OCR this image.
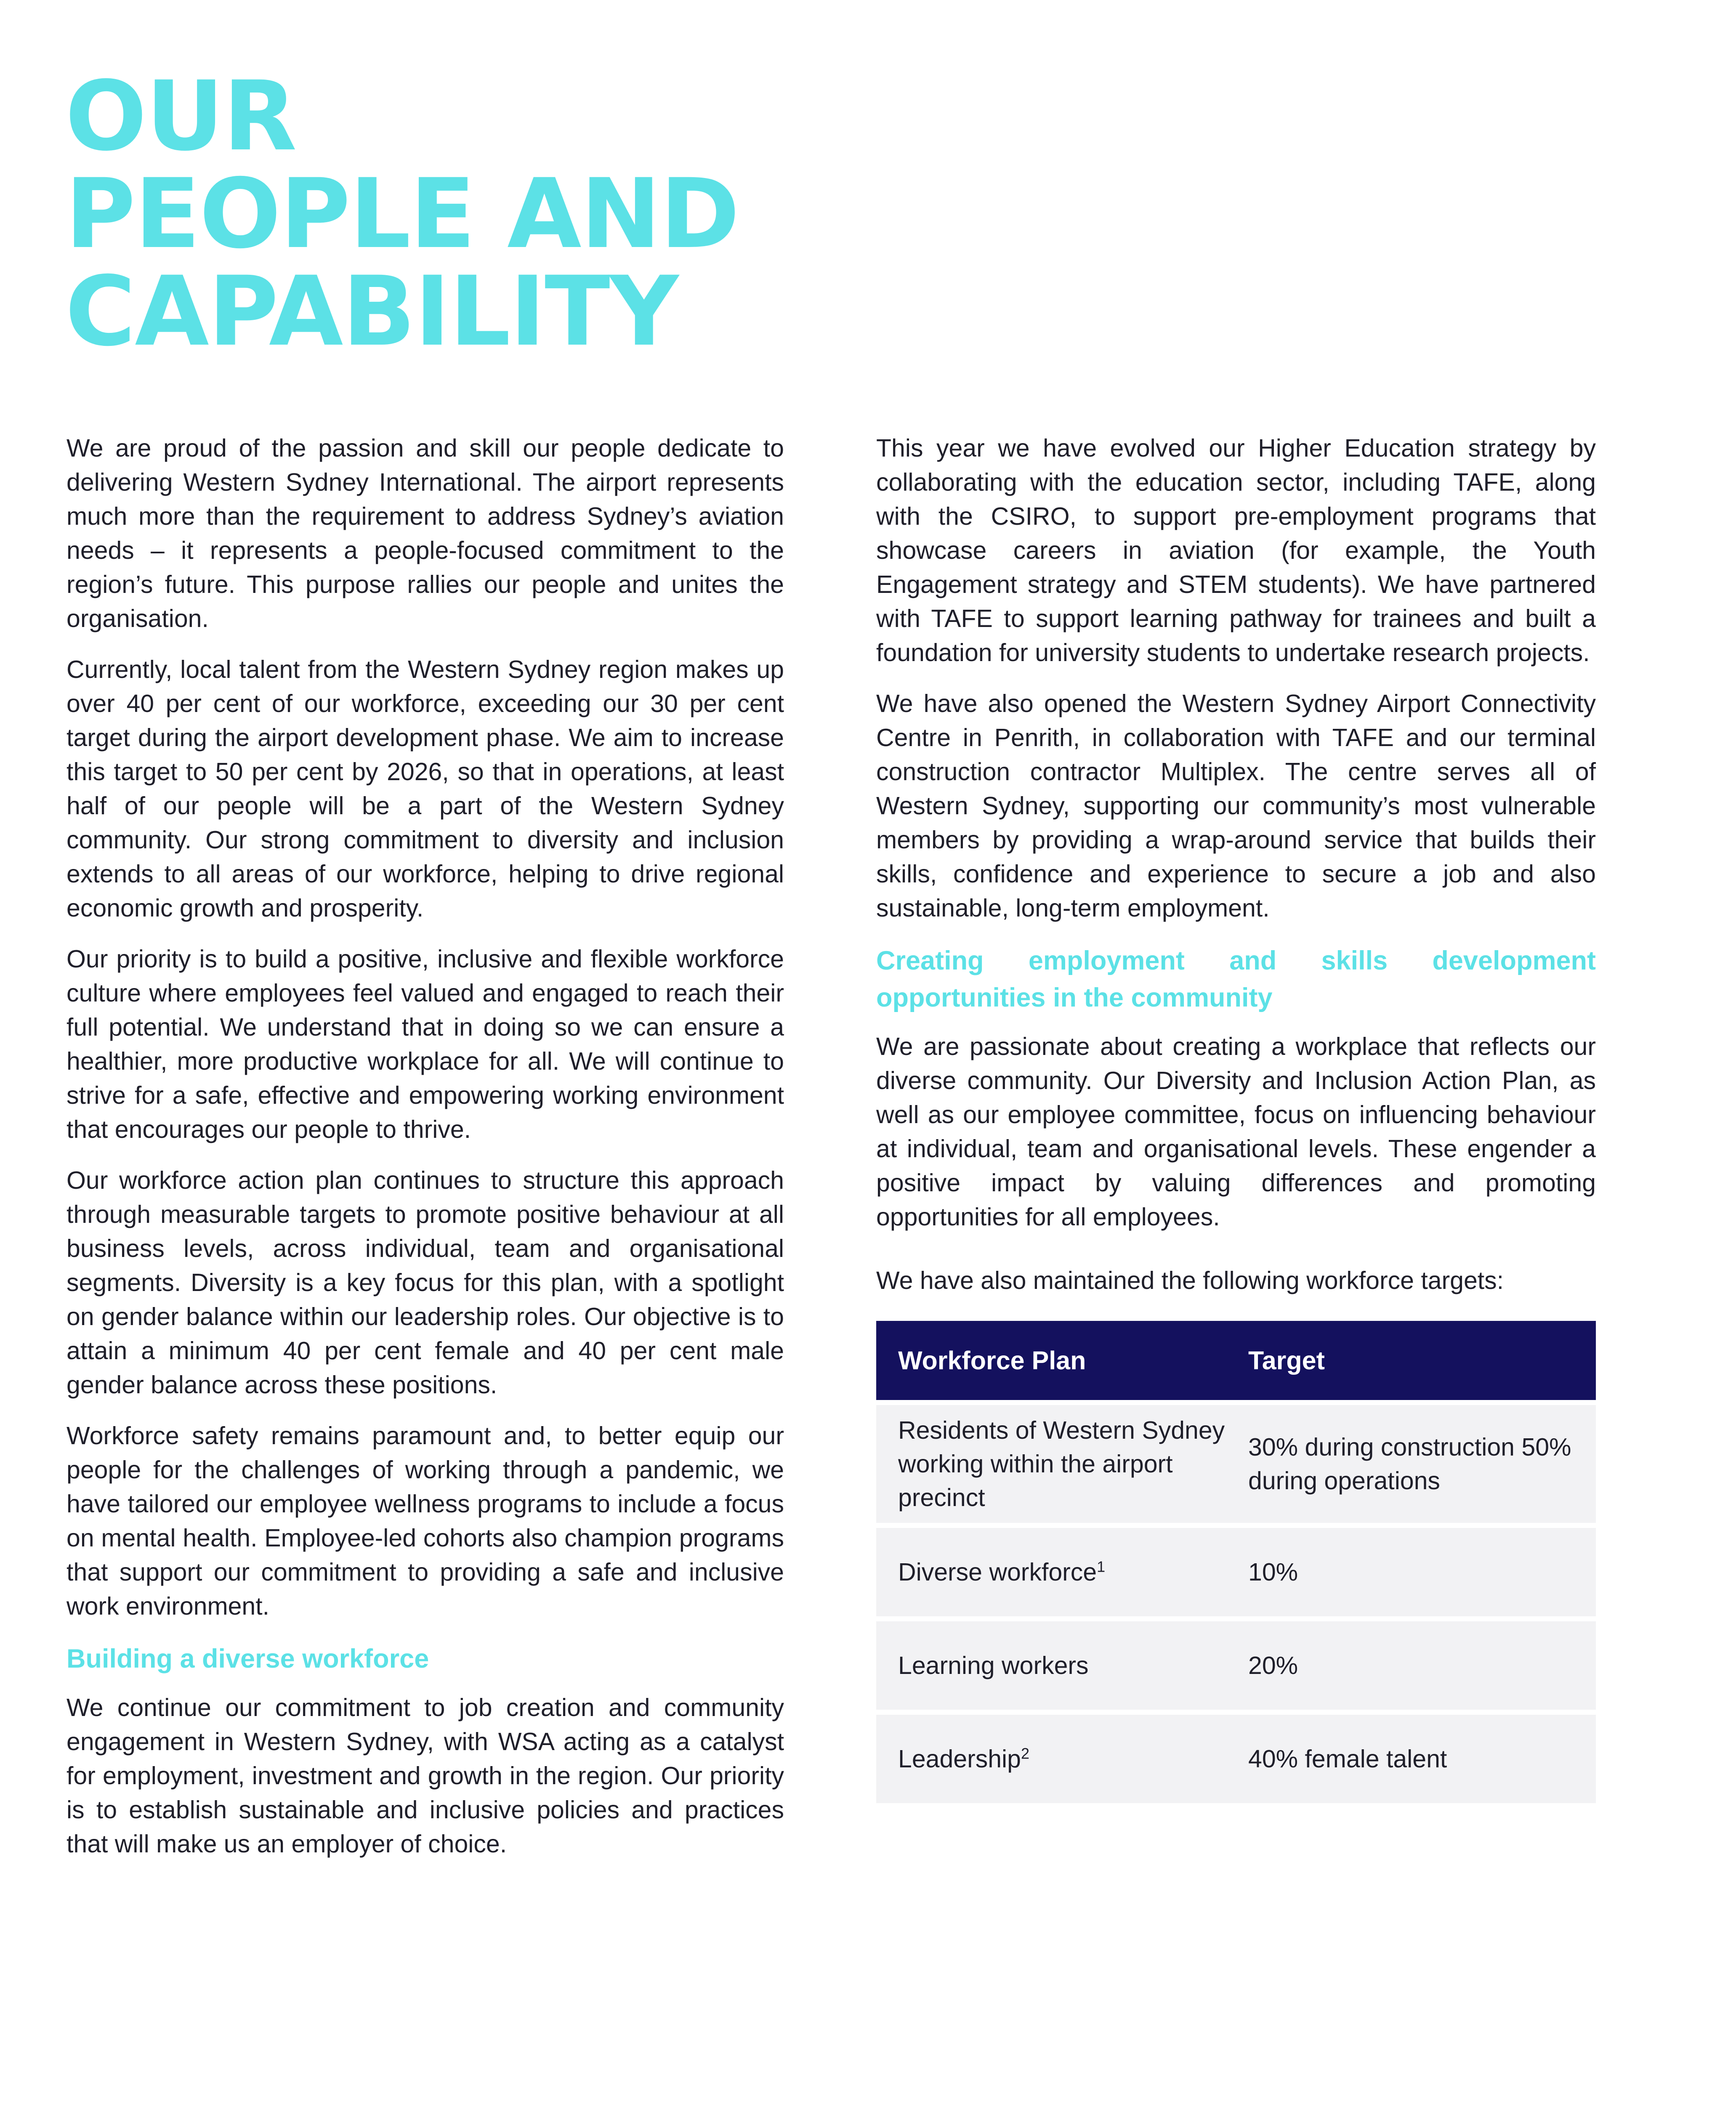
OUR
PEOPLE AND
CAPABILITY

We are proud of the passion and skill our people dedicate to delivering Western Sydney International. The airport represents much more than the requirement to address Sydney’s aviation needs – it represents a people-focused commitment to the region’s future. This purpose rallies our people and unites the organisation.

Currently, local talent from the Western Sydney region makes up over 40 per cent of our workforce, exceeding our 30 per cent target during the airport development phase. We aim to increase this target to 50 per cent by 2026, so that in operations, at least half of our people will be a part of the Western Sydney community. Our strong commitment to diversity and inclusion extends to all areas of our workforce, helping to drive regional economic growth and prosperity.

Our priority is to build a positive, inclusive and flexible workforce culture where employees feel valued and engaged to reach their full potential. We understand that in doing so we can ensure a healthier, more productive workplace for all. We will continue to strive for a safe, effective and empowering working environment that encourages our people to thrive.

Our workforce action plan continues to structure this approach through measurable targets to promote positive behaviour at all business levels, across individual, team and organisational segments. Diversity is a key focus for this plan, with a spotlight on gender balance within our leadership roles. Our objective is to attain a minimum 40 per cent female and 40 per cent male gender balance across these positions.

Workforce safety remains paramount and, to better equip our people for the challenges of working through a pandemic, we have tailored our employee wellness programs to include a focus on mental health. Employee-led cohorts also champion programs that support our commitment to providing a safe and inclusive work environment.

Building a diverse workforce

We continue our commitment to job creation and community engagement in Western Sydney, with WSA acting as a catalyst for employment, investment and growth in the region. Our priority is to establish sustainable and inclusive policies and practices that will make us an employer of choice.

This year we have evolved our Higher Education strategy by collaborating with the education sector, including TAFE, along with the CSIRO, to support pre-employment programs that showcase careers in aviation (for example, the Youth Engagement strategy and STEM students). We have partnered with TAFE to support learning pathway for trainees and built a foundation for university students to undertake research projects.

We have also opened the Western Sydney Airport Connectivity Centre in Penrith, in collaboration with TAFE and our terminal construction contractor Multiplex. The centre serves all of Western Sydney, supporting our community’s most vulnerable members by providing a wrap-around service that builds their skills, confidence and experience to secure a job and also sustainable, long-term employment.

Creating employment and skills development opportunities in the community

We are passionate about creating a workplace that reflects our diverse community. Our Diversity and Inclusion Action Plan, as well as our employee committee, focus on influencing behaviour at individual, team and organisational levels. These engender a positive impact by valuing differences and promoting opportunities for all employees.

We have also maintained the following workforce targets:

Workforce Plan	Target
Residents of Western Sydney working within the airport precinct	30% during construction 50% during operations
Diverse workforce$^1$	10%
Learning workers	20%
Leadership$^2$	40% female talent
